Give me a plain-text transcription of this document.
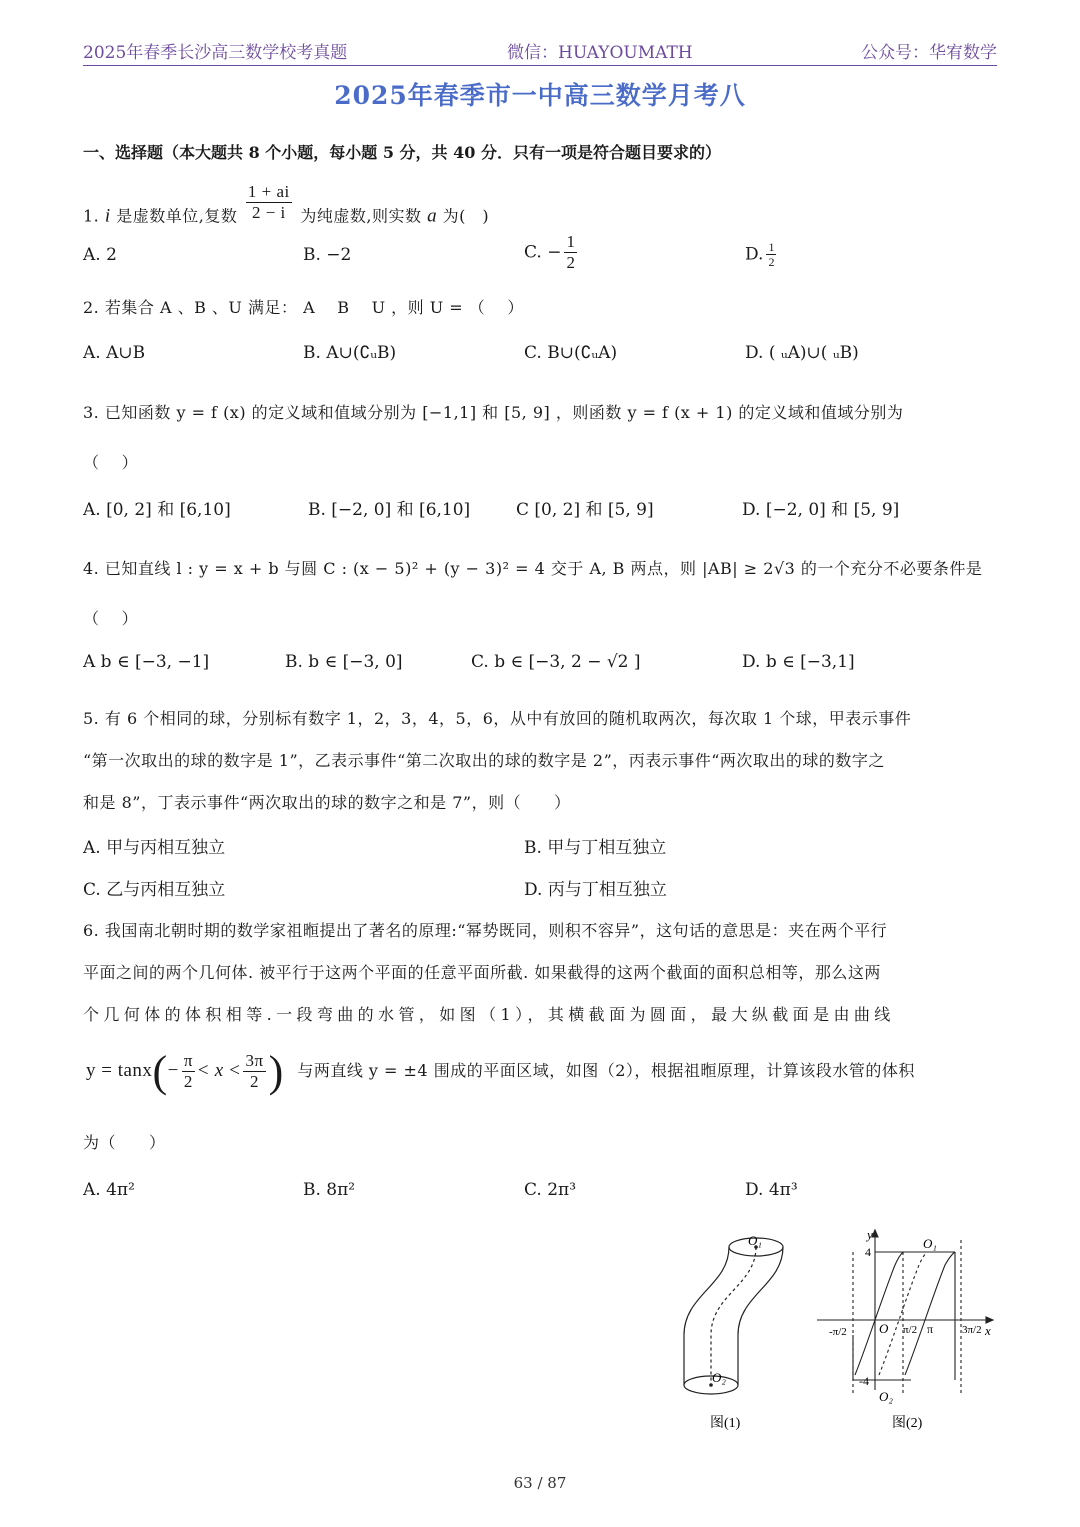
2025年春季长沙高三数学校考真题	微信：HUAYOUMATH	公众号：华宥数学
2025年春季市一中高三数学月考八
一、选择题（本大题共 8 个小题，每小题 5 分，共 40 分．只有一项是符合题目要求的）
1. i 是虚数单位,复数 $\frac{1 + ai}{2 - i}$ 为纯虚数,则实数 a 为(　)
A. 2	B. −2	C. − $\frac{1}{2}$	D. $\frac{1}{2}$
2. 若集合 A 、B 、U 满足： A　 B　 U ，则 U = （　 ）
A. A∪B	B. A∪(∁ᵤB)	C. B∪(∁ᵤA)	D. ( ᵤA)∪( ᵤB)
3. 已知函数 y = f (x) 的定义域和值域分别为 [−1,1] 和 [5, 9] ，则函数 y = f (x + 1) 的定义域和值域分别为
（　 ）
A. [0, 2] 和 [6,10]	B. [−2, 0] 和 [6,10]	C [0, 2] 和 [5, 9]	D. [−2, 0] 和 [5, 9]
4. 已知直线 l : y = x + b 与圆 C : (x − 5)² + (y − 3)² = 4 交于 A, B 两点，则 |AB| ≥ 2√3 的一个充分不必要条件是
（　 ）
A b ∈ [−3, −1]	B. b ∈ [−3, 0]	C. b ∈ [−3, 2 − √2 ]	D. b ∈ [−3,1]
5. 有 6 个相同的球，分别标有数字 1，2，3，4，5，6，从中有放回的随机取两次，每次取 1 个球，甲表示事件
“第一次取出的球的数字是 1”，乙表示事件“第二次取出的球的数字是 2”，丙表示事件“两次取出的球的数字之
和是 8”，丁表示事件“两次取出的球的数字之和是 7”，则（　　）
A. 甲与丙相互独立	B. 甲与丁相互独立
C. 乙与丙相互独立	D. 丙与丁相互独立
6. 我国南北朝时期的数学家祖暅提出了著名的原理:“幂势既同，则积不容异”，这句话的意思是：夹在两个平行
平面之间的两个几何体. 被平行于这两个平面的任意平面所截. 如果截得的这两个截面的面积总相等，那么这两
个几何体的体积相等.一段弯曲的水管，如图（1），其横截面为圆面，最大纵截面是由曲线
$y = \tan x(- \frac{\pi}{2} < x < \frac{3\pi}{2}$ ) 与两直线 y = ±4 围成的平面区域，如图（2），根据祖暅原理，计算该段水管的体积
为（　　）
A. 4π²	B. 8π²	C. 2π³	D. 4π³
O₁
O₂
图(1)
y
x
O₁
O₂
O
4
-4
-π/2	π/2 π	3π/2
图(2)
63 / 87
